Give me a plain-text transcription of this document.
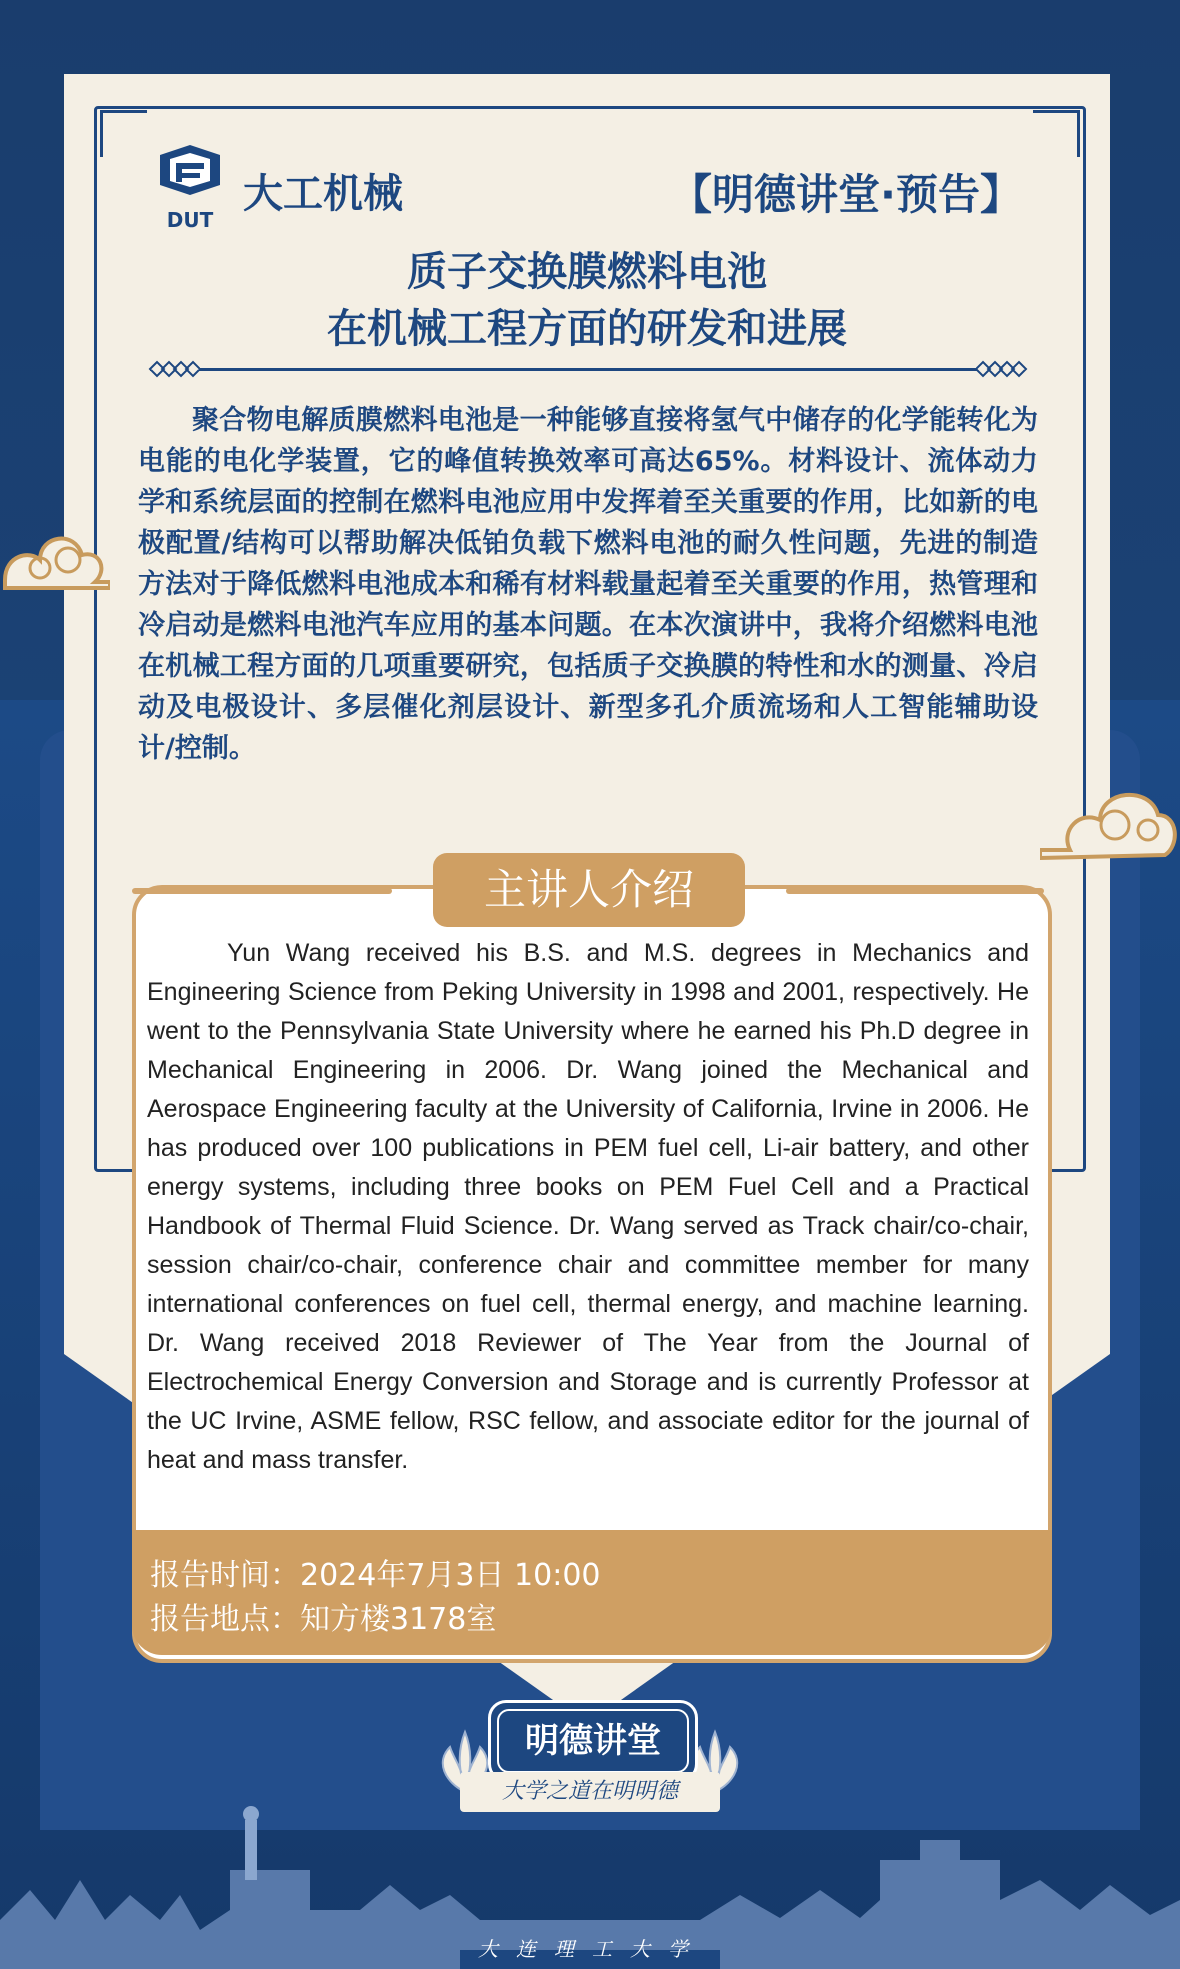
DUT
大工机械	【明德讲堂·预告】
质子交换膜燃料电池
在机械工程方面的研发和进展
聚合物电解质膜燃料电池是一种能够直接将氢气中储存的化学能转化为电能的电化学装置，它的峰值转换效率可高达65%。材料设计、流体动力学和系统层面的控制在燃料电池应用中发挥着至关重要的作用，比如新的电极配置/结构可以帮助解决低铂负载下燃料电池的耐久性问题，先进的制造方法对于降低燃料电池成本和稀有材料载量起着至关重要的作用，热管理和冷启动是燃料电池汽车应用的基本问题。在本次演讲中，我将介绍燃料电池在机械工程方面的几项重要研究，包括质子交换膜的特性和水的测量、冷启动及电极设计、多层催化剂层设计、新型多孔介质流场和人工智能辅助设计/控制。
主讲人介绍
Yun Wang received his B.S. and M.S. degrees in Mechanics and Engineering Science from Peking University in 1998 and 2001, respectively. He went to the Pennsylvania State University where he earned his Ph.D degree in Mechanical Engineering in 2006. Dr. Wang joined the Mechanical and Aerospace Engineering faculty at the University of California, Irvine in 2006. He has produced over 100 publications in PEM fuel cell, Li-air battery, and other energy systems, including three books on PEM Fuel Cell and a Practical Handbook of Thermal Fluid Science. Dr. Wang served as Track chair/co-chair, session chair/co-chair, conference chair and committee member for many international conferences on fuel cell, thermal energy, and machine learning. Dr. Wang received 2018 Reviewer of The Year from the Journal of Electrochemical Energy Conversion and Storage and is currently Professor at the UC Irvine, ASME fellow, RSC fellow, and associate editor for the journal of heat and mass transfer.
报告时间：2024年7月3日 10:00
报告地点：知方楼3178室
明德讲堂
大学之道在明明德
大连理工大学
